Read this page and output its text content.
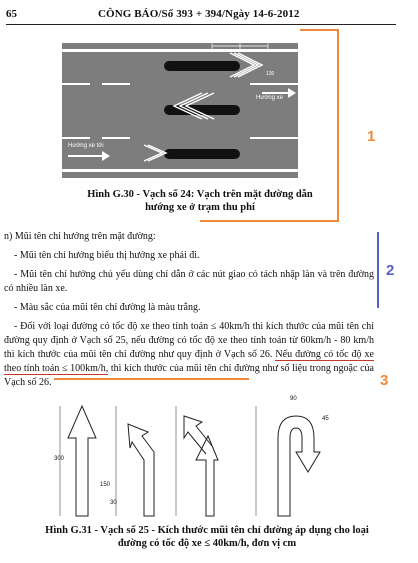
65	CÔNG BÁO/Số 393 + 394/Ngày 14-6-2012
1000	500
Hướng xe
Hướng xe tới
130
1
Hình G.30 - Vạch số 24: Vạch trên mặt đường dẫn
hướng xe ở trạm thu phí
2
n) Mũi tên chỉ hướng trên mặt đường:
- Mũi tên chỉ hướng biểu thị hướng xe phải đi.
- Mũi tên chỉ hướng chủ yếu dùng chỉ dẫn ở các nút giao có tách nhập làn và trên đường có nhiều làn xe.
- Màu sắc của mũi tên chỉ đường là màu trắng.
- Đối với loại đường có tốc độ xe theo tính toán ≤ 40km/h thì kích thước của mũi tên chỉ đường quy định ở Vạch số 25, nếu đường có tốc độ xe theo tính toán từ 60km/h - 80 km/h thì kích thước của mũi tên chỉ đường như quy định ở Vạch số 26. Nếu đường có tốc độ xe theo tính toán ≤ 100km/h, thì kích thước của mũi tên chỉ đường như số liệu trong ngoặc của Vạch số 26.	3
300
150
30
90
45
Hình G.31 - Vạch số 25 - Kích thước mũi tên chỉ đường áp dụng cho loại
đường có tốc độ xe ≤ 40km/h, đơn vị cm
